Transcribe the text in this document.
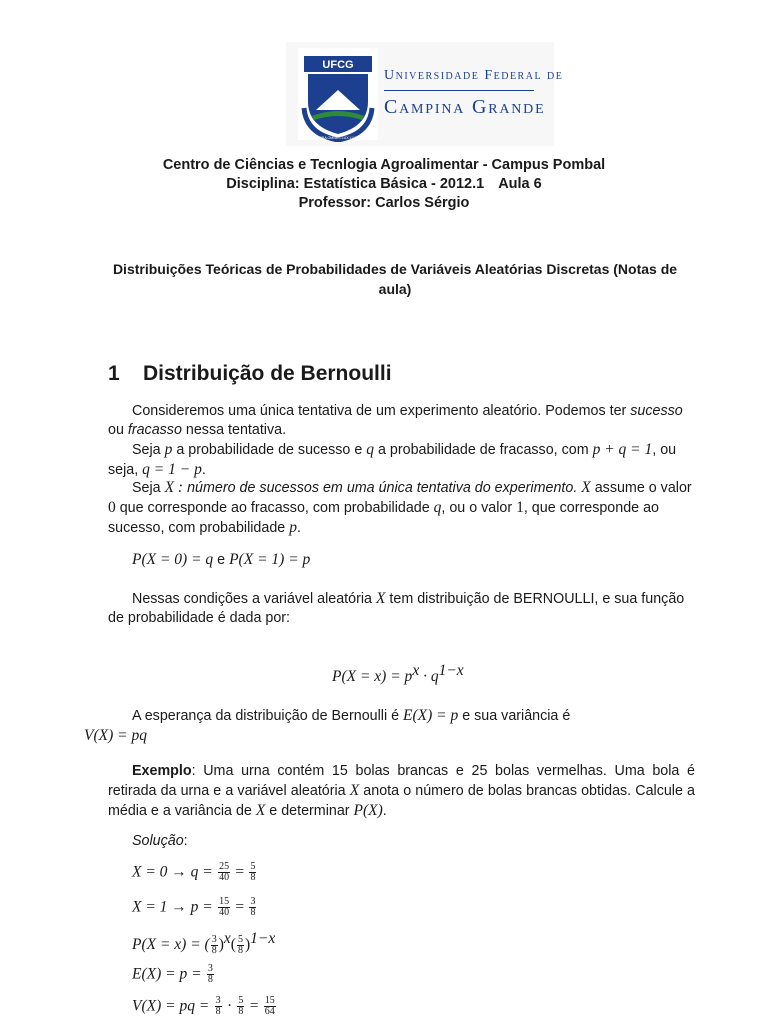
UFCG
SUPRA OMNES LUX LUCES
Universidade Federal de
Campina Grande
Centro de Ciências e Tecnlogia Agroalimentar - Campus Pombal
Disciplina: Estatística Básica - 2012.1 Aula 6
Professor: Carlos Sérgio
Distribuições Teóricas de Probabilidades de Variáveis Aleatórias Discretas (Notas de aula)
1 Distribuição de Bernoulli
Consideremos uma única tentativa de um experimento aleatório. Podemos ter sucesso ou fracasso nessa tentativa.
Seja p a probabilidade de sucesso e q a probabilidade de fracasso, com p + q = 1, ou seja, q = 1 − p.
Seja X : número de sucessos em uma única tentativa do experimento. X assume o valor 0 que corresponde ao fracasso, com probabilidade q, ou o valor 1, que corresponde ao sucesso, com probabilidade p.
P(X = 0) = q e P(X = 1) = p
Nessas condições a variável aleatória X tem distribuição de BERNOULLI, e sua função de probabilidade é dada por:
$P(X = x) = p^x \cdot q^{1-x}$
A esperança da distribuição de Bernoulli é E(X) = p e sua variância é
V(X) = pq
Exemplo: Uma urna contém 15 bolas brancas e 25 bolas vermelhas. Uma bola é retirada da urna e a variável aleatória X anota o número de bolas brancas obtidas. Calcule a média e a variância de X e determinar P(X).
Solução:
$X = 0 \to q = \frac{25}{40} = \frac{5}{8}$
$X = 1 \to p = \frac{15}{40} = \frac{3}{8}$
P(X = x) = ( $\frac{3}{8} )^x( \frac{5}{8} )^{1-x}$
$E(X) = p = \frac{3}{8}$
V(X) = pq = $\frac{3}{8} \cdot \frac{5}{8} = \frac{15}{64}$
